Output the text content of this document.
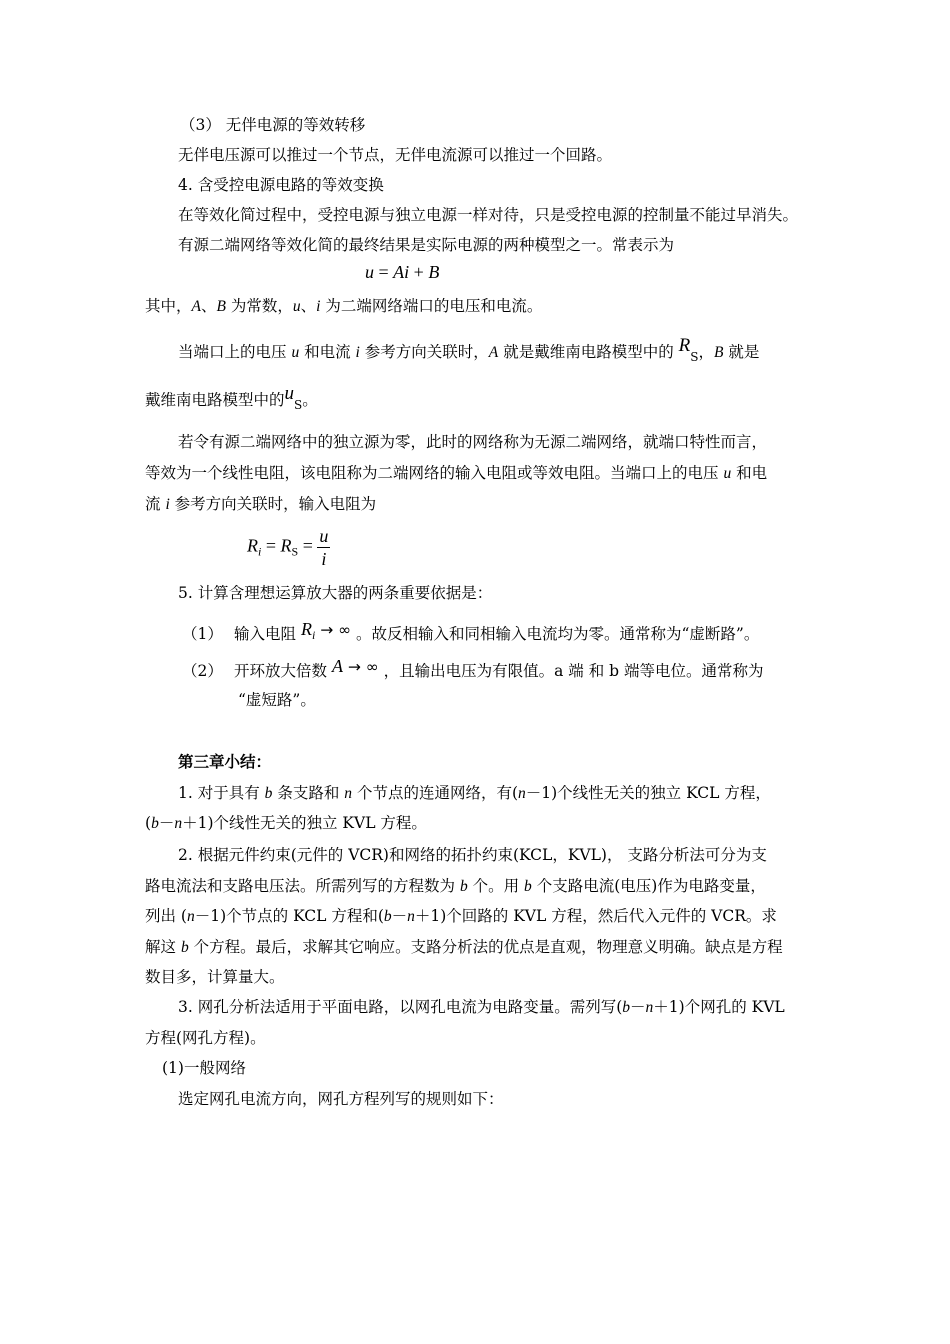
（3） 无伴电源的等效转移
无伴电压源可以推过一个节点，无伴电流源可以推过一个回路。
4. 含受控电源电路的等效变换
在等效化简过程中，受控电源与独立电源一样对待，只是受控电源的控制量不能过早消失。
有源二端网络等效化简的最终结果是实际电源的两种模型之一。常表示为
u = Ai + B
其中，A、B 为常数，u、i 为二端网络端口的电压和电流。
当端口上的电压 u 和电流 i 参考方向关联时，A 就是戴维南电路模型中的 $R_S$，B 就是
戴维南电路模型中的$u_S$。
若令有源二端网络中的独立源为零，此时的网络称为无源二端网络，就端口特性而言，
等效为一个线性电阻，该电阻称为二端网络的输入电阻或等效电阻。当端口上的电压 u 和电
流 i 参考方向关联时，输入电阻为
$R_i = R_S = \frac{u}{i}$
5. 计算含理想运算放大器的两条重要依据是：
（1） 输入电阻 Ri → ∞ 。故反相输入和同相输入电流均为零。通常称为“虚断路”。
（2） 开环放大倍数 A → ∞ ，且输出电压为有限值。a 端 和 b 端等电位。通常称为
“虚短路”。
第三章小结：
1. 对于具有 b 条支路和 n 个节点的连通网络，有(n－1)个线性无关的独立 KCL 方程，
(b－n＋1)个线性无关的独立 KVL 方程。
2. 根据元件约束(元件的 VCR)和网络的拓扑约束(KCL，KVL)， 支路分析法可分为支
路电流法和支路电压法。所需列写的方程数为 b 个。用 b 个支路电流(电压)作为电路变量，
列出 (n－1)个节点的 KCL 方程和(b－n＋1)个回路的 KVL 方程，然后代入元件的 VCR。求
解这 b 个方程。最后，求解其它响应。支路分析法的优点是直观，物理意义明确。缺点是方程
数目多，计算量大。
3. 网孔分析法适用于平面电路，以网孔电流为电路变量。需列写(b－n＋1)个网孔的 KVL
方程(网孔方程)。
(1)一般网络
选定网孔电流方向，网孔方程列写的规则如下：
